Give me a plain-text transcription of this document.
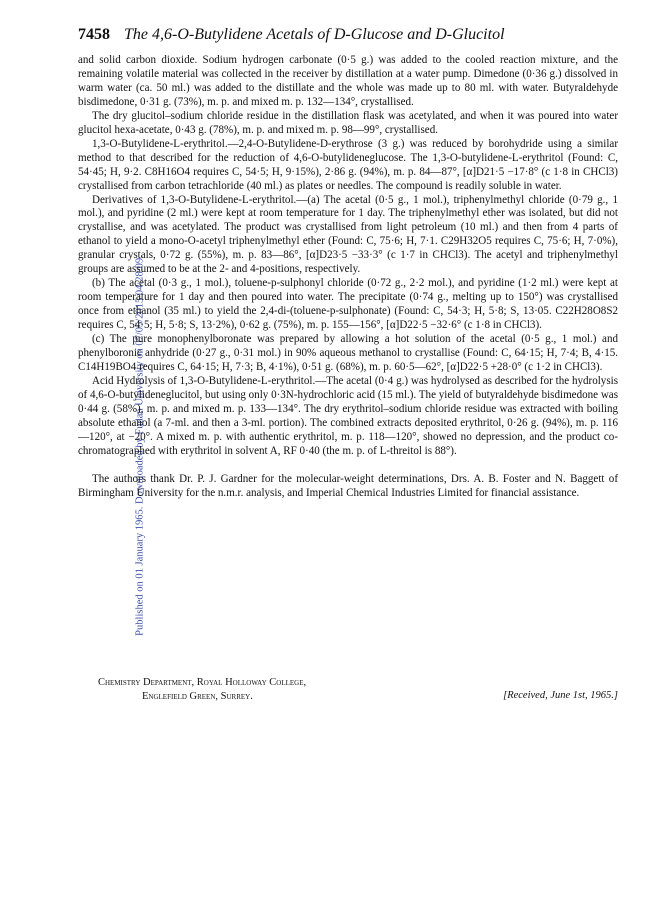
Published on 01 January 1965. Downloaded by Fudan University on 07/05/2015 04:28:09.
7458 The 4,6-O-Butylidene Acetals of D-Glucose and D-Glucitol

and solid carbon dioxide. Sodium hydrogen carbonate (0·5 g.) was added to the cooled reaction mixture, and the remaining volatile material was collected in the receiver by distillation at a water pump. Dimedone (0·36 g.) dissolved in warm water (ca. 50 ml.) was added to the distillate and the whole was made up to 80 ml. with water. Butyraldehyde bisdimedone, 0·31 g. (73%), m. p. and mixed m. p. 132—134°, crystallised.

The dry glucitol–sodium chloride residue in the distillation flask was acetylated, and when it was poured into water glucitol hexa-acetate, 0·43 g. (78%), m. p. and mixed m. p. 98—99°, crystallised.

1,3-O-Butylidene-L-erythritol.—2,4-O-Butylidene-D-erythrose (3 g.) was reduced by borohydride using a similar method to that described for the reduction of 4,6-O-butylideneglucose. The 1,3-O-butylidene-L-erythritol (Found: C, 54·45; H, 9·2. C8H16O4 requires C, 54·5; H, 9·15%), 2·86 g. (94%), m. p. 84—87°, [α]D21·5 −17·8° (c 1·8 in CHCl3) crystallised from carbon tetrachloride (40 ml.) as plates or needles. The compound is readily soluble in water.

Derivatives of 1,3-O-Butylidene-L-erythritol.—(a) The acetal (0·5 g., 1 mol.), triphenylmethyl chloride (0·79 g., 1 mol.), and pyridine (2 ml.) were kept at room temperature for 1 day. The triphenylmethyl ether was isolated, but did not crystallise, and was acetylated. The product was crystallised from light petroleum (10 ml.) and then from 4 parts of ethanol to yield a mono-O-acetyl triphenylmethyl ether (Found: C, 75·6; H, 7·1. C29H32O5 requires C, 75·6; H, 7·0%), granular crystals, 0·72 g. (55%), m. p. 83—86°, [α]D23·5 −33·3° (c 1·7 in CHCl3). The acetyl and triphenylmethyl groups are assumed to be at the 2- and 4-positions, respectively.

(b) The acetal (0·3 g., 1 mol.), toluene-p-sulphonyl chloride (0·72 g., 2·2 mol.), and pyridine (1·2 ml.) were kept at room temperature for 1 day and then poured into water. The precipitate (0·74 g., melting up to 150°) was crystallised once from ethanol (35 ml.) to yield the 2,4-di-(toluene-p-sulphonate) (Found: C, 54·3; H, 5·8; S, 13·05. C22H28O8S2 requires C, 54·5; H, 5·8; S, 13·2%), 0·62 g. (75%), m. p. 155—156°, [α]D22·5 −32·6° (c 1·8 in CHCl3).

(c) The pure monophenylboronate was prepared by allowing a hot solution of the acetal (0·5 g., 1 mol.) and phenylboronic anhydride (0·27 g., 0·31 mol.) in 90% aqueous methanol to crystallise (Found: C, 64·15; H, 7·4; B, 4·15. C14H19BO4 requires C, 64·15; H, 7·3; B, 4·1%), 0·51 g. (68%), m. p. 60·5—62°, [α]D22·5 +28·0° (c 1·2 in CHCl3).

Acid Hydrolysis of 1,3-O-Butylidene-L-erythritol.—The acetal (0·4 g.) was hydrolysed as described for the hydrolysis of 4,6-O-butylideneglucitol, but using only 0·3N-hydrochloric acid (15 ml.). The yield of butyraldehyde bisdimedone was 0·44 g. (58%), m. p. and mixed m. p. 133—134°. The dry erythritol–sodium chloride residue was extracted with boiling absolute ethanol (a 7-ml. and then a 3-ml. portion). The combined extracts deposited erythritol, 0·26 g. (94%), m. p. 116—120°, at −20°. A mixed m. p. with authentic erythritol, m. p. 118—120°, showed no depression, and the product co-chromatographed with erythritol in solvent A, RF 0·40 (the m. p. of L-threitol is 88°).

The authors thank Dr. P. J. Gardner for the molecular-weight determinations, Drs. A. B. Foster and N. Baggett of Birmingham University for the n.m.r. analysis, and Imperial Chemical Industries Limited for financial assistance.

Chemistry Department, Royal Holloway College,
Englefield Green, Surrey.	[Received, June 1st, 1965.]
